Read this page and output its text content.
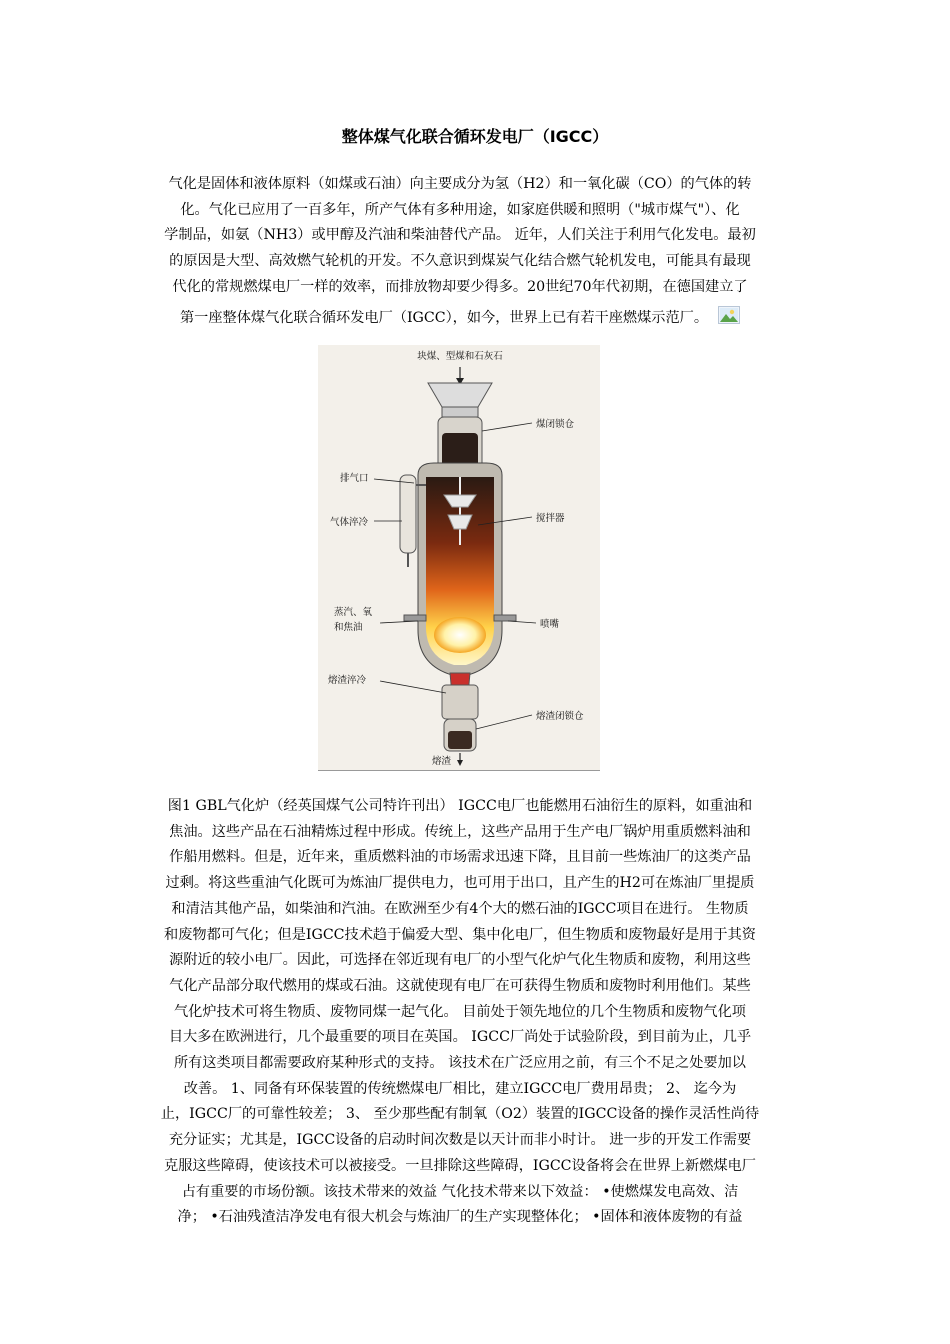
整体煤气化联合循环发电厂（IGCC）
气化是固体和液体原料（如煤或石油）向主要成分为氢（H2）和一氧化碳（CO）的气体的转
化。气化已应用了一百多年，所产气体有多种用途，如家庭供暖和照明（"城市煤气"）、化
学制品，如氨（NH3）或甲醇及汽油和柴油替代产品。 近年，人们关注于利用气化发电。最初
的原因是大型、高效燃气轮机的开发。不久意识到煤炭气化结合燃气轮机发电，可能具有最现
代化的常规燃煤电厂一样的效率，而排放物却要少得多。20世纪70年代初期，在德国建立了
第一座整体煤气化联合循环发电厂（IGCC），如今，世界上已有若干座燃煤示范厂。
块煤、型煤和石灰石
煤闭锁仓
排气口
气体淬冷	搅拌器
蒸汽、氧
和焦油	喷嘴
熔渣淬冷
熔渣闭锁仓
熔渣
图1 GBL气化炉（经英国煤气公司特许刊出） IGCC电厂也能燃用石油衍生的原料，如重油和
焦油。这些产品在石油精炼过程中形成。传统上，这些产品用于生产电厂锅炉用重质燃料油和
作船用燃料。但是，近年来，重质燃料油的市场需求迅速下降，且目前一些炼油厂的这类产品
过剩。将这些重油气化既可为炼油厂提供电力，也可用于出口，且产生的H2可在炼油厂里提质
和清洁其他产品，如柴油和汽油。在欧洲至少有4个大的燃石油的IGCC项目在进行。 生物质
和废物都可气化；但是IGCC技术趋于偏爱大型、集中化电厂，但生物质和废物最好是用于其资
源附近的较小电厂。因此，可选择在邻近现有电厂的小型气化炉气化生物质和废物，利用这些
气化产品部分取代燃用的煤或石油。这就使现有电厂在可获得生物质和废物时利用他们。某些
气化炉技术可将生物质、废物同煤一起气化。 目前处于领先地位的几个生物质和废物气化项
目大多在欧洲进行，几个最重要的项目在英国。 IGCC厂尚处于试验阶段，到目前为止，几乎
所有这类项目都需要政府某种形式的支持。 该技术在广泛应用之前，有三个不足之处要加以
改善。 1、同备有环保装置的传统燃煤电厂相比，建立IGCC电厂费用昂贵； 2、 迄今为
止，IGCC厂的可靠性较差； 3、 至少那些配有制氧（O2）装置的IGCC设备的操作灵活性尚待
充分证实；尤其是，IGCC设备的启动时间次数是以天计而非小时计。 进一步的开发工作需要
克服这些障碍，使该技术可以被接受。一旦排除这些障碍，IGCC设备将会在世界上新燃煤电厂
占有重要的市场份额。该技术带来的效益 气化技术带来以下效益： •使燃煤发电高效、洁
净； •石油残渣洁净发电有很大机会与炼油厂的生产实现整体化； •固体和液体废物的有益
